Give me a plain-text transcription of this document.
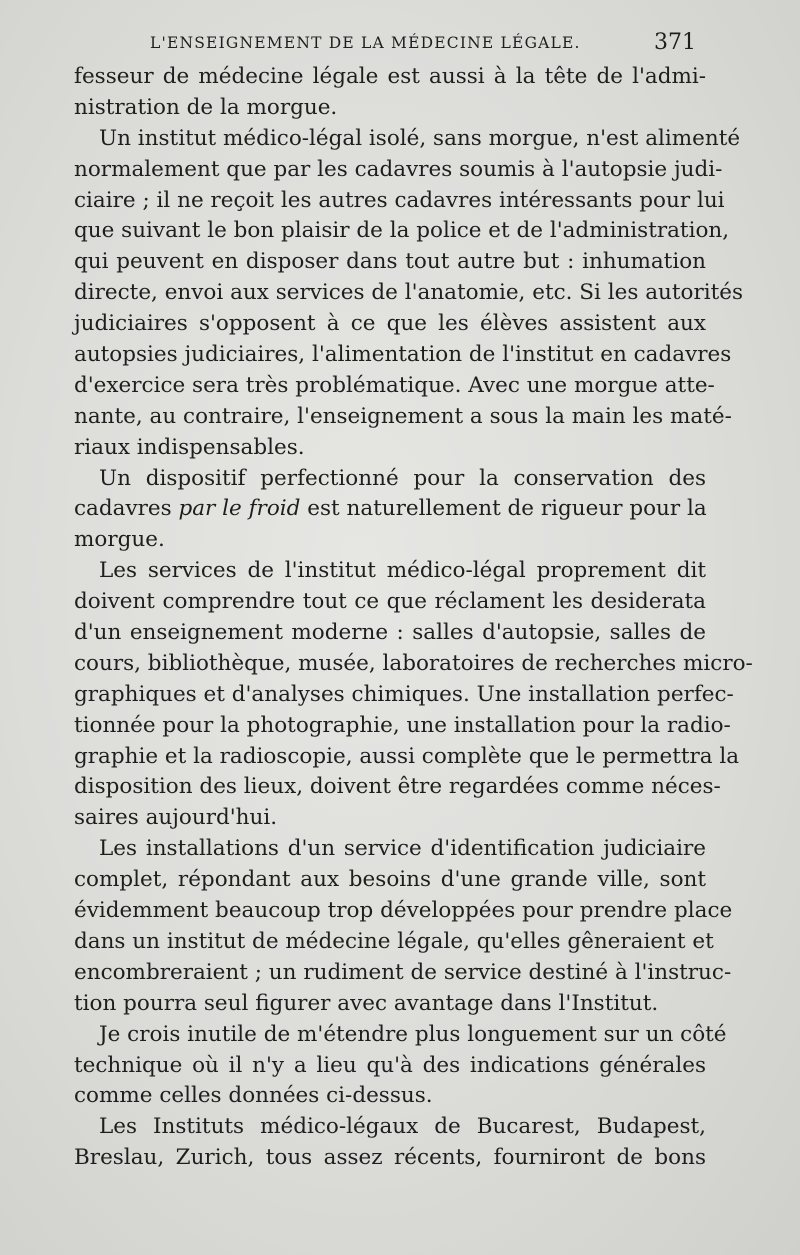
L'ENSEIGNEMENT DE LA MÉDECINE LÉGALE.	371
fesseur de médecine légale est aussi à la tête de l'admi-
nistration de la morgue.
Un institut médico-légal isolé, sans morgue, n'est alimenté
normalement que par les cadavres soumis à l'autopsie judi-
ciaire ; il ne reçoit les autres cadavres intéressants pour lui
que suivant le bon plaisir de la police et de l'administration,
qui peuvent en disposer dans tout autre but : inhumation
directe, envoi aux services de l'anatomie, etc. Si les autorités
judiciaires s'opposent à ce que les élèves assistent aux
autopsies judiciaires, l'alimentation de l'institut en cadavres
d'exercice sera très problématique. Avec une morgue atte-
nante, au contraire, l'enseignement a sous la main les maté-
riaux indispensables.
Un dispositif perfectionné pour la conservation des
cadavres par le froid est naturellement de rigueur pour la
morgue.
Les services de l'institut médico-légal proprement dit
doivent comprendre tout ce que réclament les desiderata
d'un enseignement moderne : salles d'autopsie, salles de
cours, bibliothèque, musée, laboratoires de recherches micro-
graphiques et d'analyses chimiques. Une installation perfec-
tionnée pour la photographie, une installation pour la radio-
graphie et la radioscopie, aussi complète que le permettra la
disposition des lieux, doivent être regardées comme néces-
saires aujourd'hui.
Les installations d'un service d'identification judiciaire
complet, répondant aux besoins d'une grande ville, sont
évidemment beaucoup trop développées pour prendre place
dans un institut de médecine légale, qu'elles gêneraient et
encombreraient ; un rudiment de service destiné à l'instruc-
tion pourra seul figurer avec avantage dans l'Institut.
Je crois inutile de m'étendre plus longuement sur un côté
technique où il n'y a lieu qu'à des indications générales
comme celles données ci-dessus.
Les Instituts médico-légaux de Bucarest, Budapest,
Breslau, Zurich, tous assez récents, fourniront de bons
